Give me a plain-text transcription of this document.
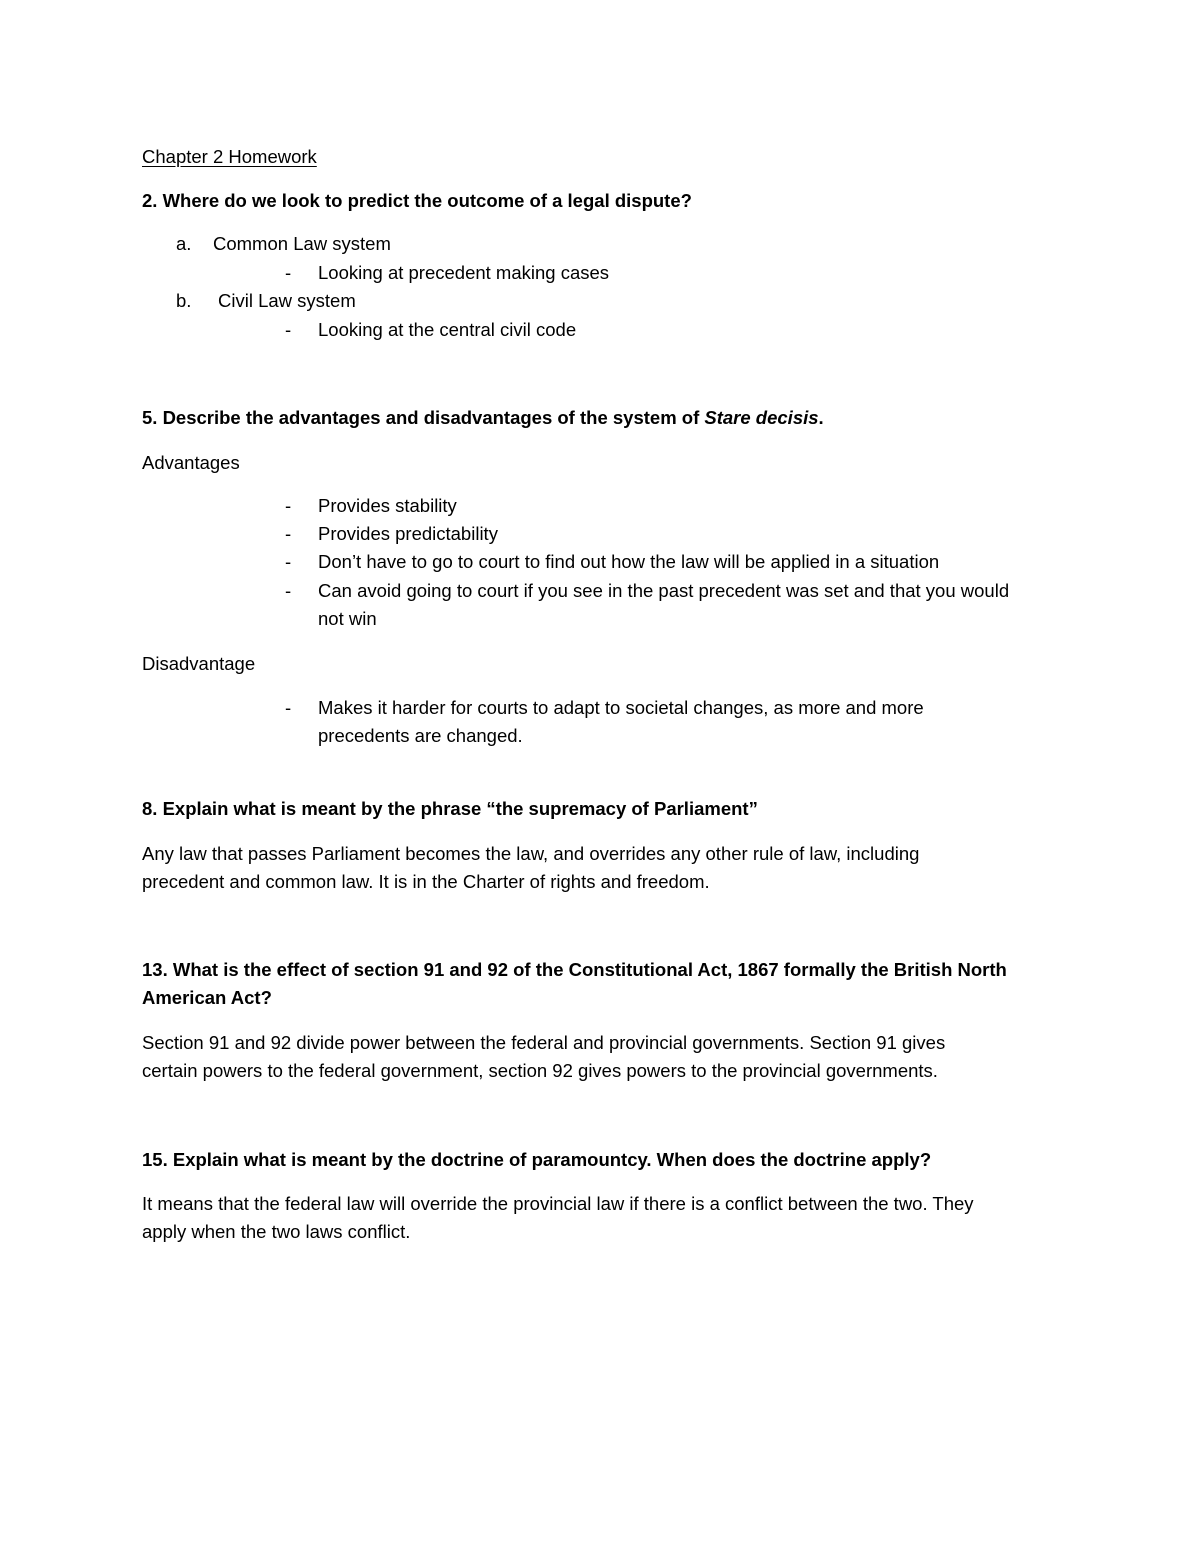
Chapter 2 Homework
2. Where do we look to predict the outcome of a legal dispute?
a. Common Law system
- Looking at precedent making cases
b. Civil Law system
- Looking at the central civil code
5. Describe the advantages and disadvantages of the system of Stare decisis.
Advantages
- Provides stability
- Provides predictability
- Don’t have to go to court to find out how the law will be applied in a situation
- Can avoid going to court if you see in the past precedent was set and that you would
not win
Disadvantage
- Makes it harder for courts to adapt to societal changes, as more and more
precedents are changed.
8. Explain what is meant by the phrase “the supremacy of Parliament”
Any law that passes Parliament becomes the law, and overrides any other rule of law, including
precedent and common law. It is in the Charter of rights and freedom.
13. What is the effect of section 91 and 92 of the Constitutional Act, 1867 formally the British North
American Act?
Section 91 and 92 divide power between the federal and provincial governments. Section 91 gives
certain powers to the federal government, section 92 gives powers to the provincial governments.
15. Explain what is meant by the doctrine of paramountcy. When does the doctrine apply?
It means that the federal law will override the provincial law if there is a conflict between the two. They
apply when the two laws conflict.
